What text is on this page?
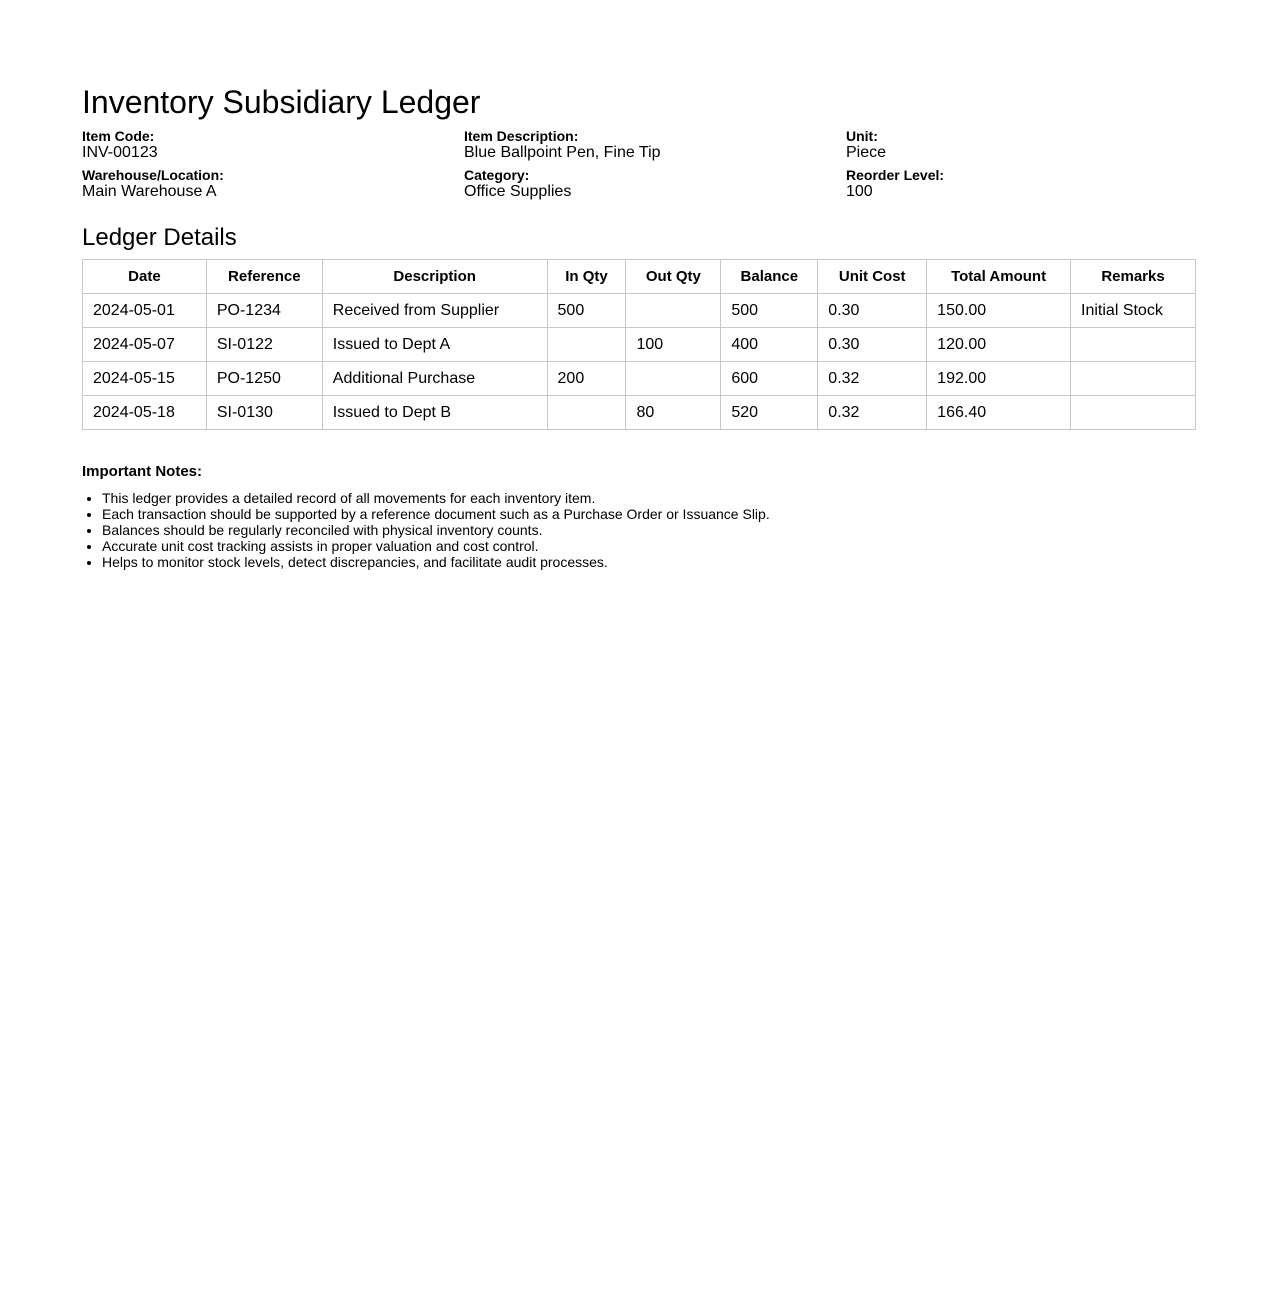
Inventory Subsidiary Ledger
Item Code:
INV-00123
Item Description:
Blue Ballpoint Pen, Fine Tip
Unit:
Piece
Warehouse/Location:
Main Warehouse A
Category:
Office Supplies
Reorder Level:
100
Ledger Details
Date	Reference	Description	In Qty	Out Qty	Balance	Unit Cost	Total Amount	Remarks
2024-05-01	PO-1234	Received from Supplier	500		500	0.30	150.00	Initial Stock
2024-05-07	SI-0122	Issued to Dept A		100	400	0.30	120.00	
2024-05-15	PO-1250	Additional Purchase	200		600	0.32	192.00	
2024-05-18	SI-0130	Issued to Dept B		80	520	0.32	166.40	
Important Notes:
• This ledger provides a detailed record of all movements for each inventory item.
• Each transaction should be supported by a reference document such as a Purchase Order or Issuance Slip.
• Balances should be regularly reconciled with physical inventory counts.
• Accurate unit cost tracking assists in proper valuation and cost control.
• Helps to monitor stock levels, detect discrepancies, and facilitate audit processes.
